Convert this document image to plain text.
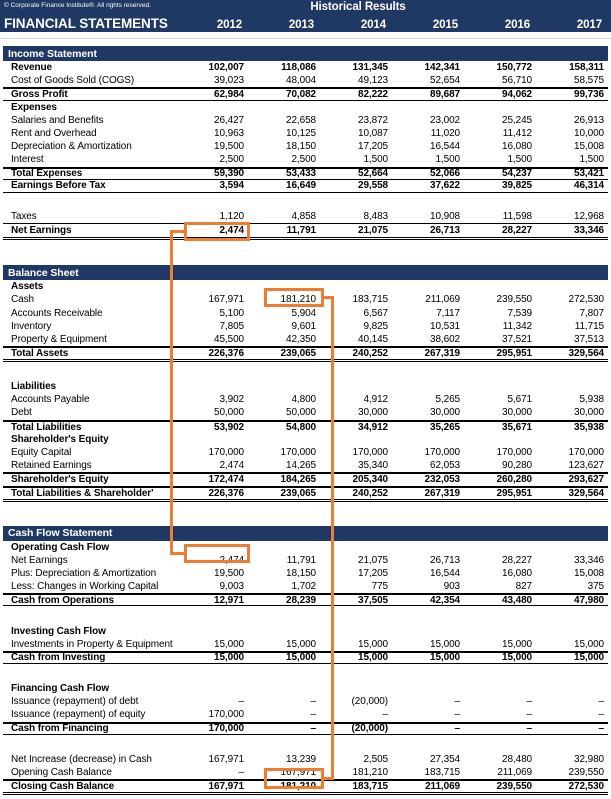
© Corporate Finance Institute®. All rights reserved.	Historical Results
FINANCIAL STATEMENTS	2012	2013	2014	2015	2016	2017
Income Statement
Revenue	102,007	118,086	131,345	142,341	150,772	158,311
Cost of Goods Sold (COGS)	39,023	48,004	49,123	52,654	56,710	58,575
Gross Profit	62,984	70,082	82,222	89,687	94,062	99,736
Expenses
Salaries and Benefits	26,427	22,658	23,872	23,002	25,245	26,913
Rent and Overhead	10,963	10,125	10,087	11,020	11,412	10,000
Depreciation & Amortization	19,500	18,150	17,205	16,544	16,080	15,008
Interest	2,500	2,500	1,500	1,500	1,500	1,500
Total Expenses	59,390	53,433	52,664	52,066	54,237	53,421
Earnings Before Tax	3,594	16,649	29,558	37,622	39,825	46,314
Taxes	1,120	4,858	8,483	10,908	11,598	12,968
Net Earnings	2,474	11,791	21,075	26,713	28,227	33,346
Balance Sheet
Assets
Cash	167,971	181,210	183,715	211,069	239,550	272,530
Accounts Receivable	5,100	5,904	6,567	7,117	7,539	7,807
Inventory	7,805	9,601	9,825	10,531	11,342	11,715
Property & Equipment	45,500	42,350	40,145	38,602	37,521	37,513
Total Assets	226,376	239,065	240,252	267,319	295,951	329,564
Liabilities
Accounts Payable	3,902	4,800	4,912	5,265	5,671	5,938
Debt	50,000	50,000	30,000	30,000	30,000	30,000
Total Liabilities	53,902	54,800	34,912	35,265	35,671	35,938
Shareholder's Equity
Equity Capital	170,000	170,000	170,000	170,000	170,000	170,000
Retained Earnings	2,474	14,265	35,340	62,053	90,280	123,627
Shareholder's Equity	172,474	184,265	205,340	232,053	260,280	293,627
Total Liabilities & Shareholder'	226,376	239,065	240,252	267,319	295,951	329,564
Cash Flow Statement
Operating Cash Flow
Net Earnings	2,474	11,791	21,075	26,713	28,227	33,346
Plus: Depreciation & Amortization	19,500	18,150	17,205	16,544	16,080	15,008
Less: Changes in Working Capital	9,003	1,702	775	903	827	375
Cash from Operations	12,971	28,239	37,505	42,354	43,480	47,980
Investing Cash Flow
Investments in Property & Equipment	15,000	15,000	15,000	15,000	15,000	15,000
Cash from Investing	15,000	15,000	15,000	15,000	15,000	15,000
Financing Cash Flow
Issuance (repayment) of debt	–	–	(20,000)	–	–	–
Issuance (repayment) of equity	170,000	–	–	–	–	–
Cash from Financing	170,000	–	(20,000)	–	–	–
Net Increase (decrease) in Cash	167,971	13,239	2,505	27,354	28,480	32,980
Opening Cash Balance	–	167,971	181,210	183,715	211,069	239,550
Closing Cash Balance	167,971	181,210	183,715	211,069	239,550	272,530
